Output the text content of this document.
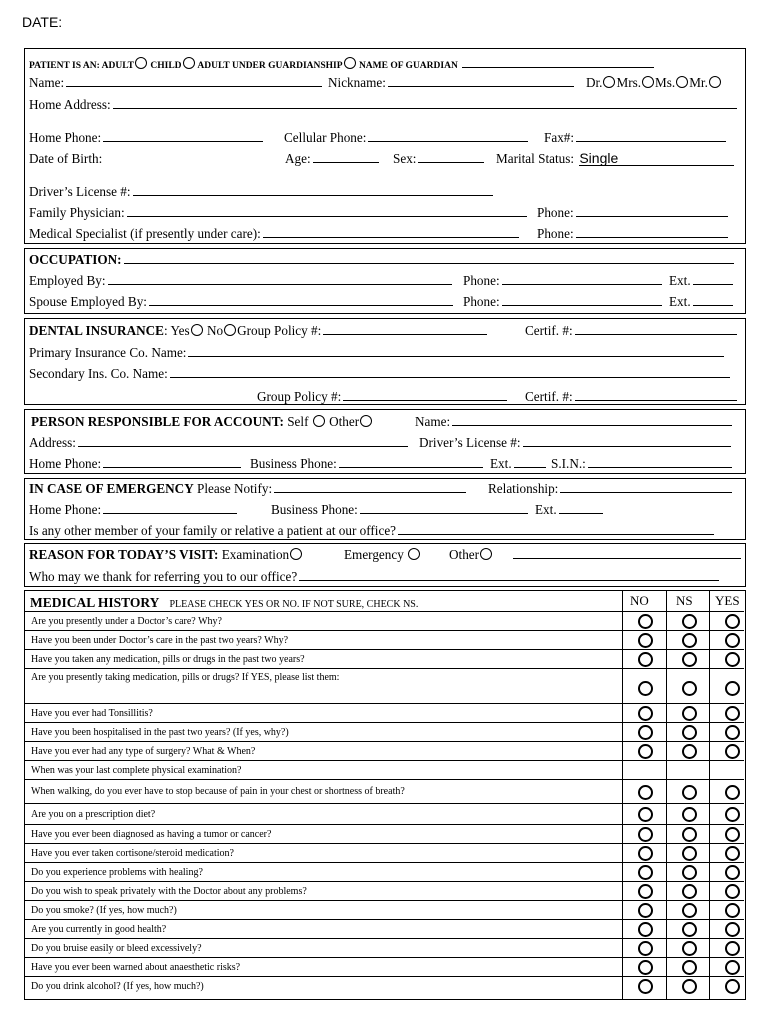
DATE:
PATIENT IS AN: ADULT CHILD ADULT UNDER GUARDIANSHIP NAME OF GUARDIAN
Name:	Nickname:	Dr. Mrs. Ms. Mr.
Home Address:
Home Phone:	Cellular Phone:	Fax#:
Date of Birth:	Age:	Sex:	Marital Status: Single
Driver’s License #:
Family Physician:	Phone:
Medical Specialist (if presently under care):	Phone:
OCCUPATION:
Employed By:	Phone:	Ext.
Spouse Employed By:	Phone:	Ext.
DENTAL INSURANCE: Yes No Group Policy #:	Certif. #:
Primary Insurance Co. Name:
Secondary Ins. Co. Name:
Group Policy #:	Certif. #:
PERSON RESPONSIBLE FOR ACCOUNT: Self Other	Name:
Address:	Driver’s License #:
Home Phone:	Business Phone:	Ext.	S.I.N.:
IN CASE OF EMERGENCY Please Notify:	Relationship:
Home Phone:	Business Phone:	Ext.
Is any other member of your family or relative a patient at our office?
REASON FOR TODAY’S VISIT: Examination	Emergency	Other
Who may we thank for referring you to our office?
MEDICAL HISTORY PLEASE CHECK YES OR NO. IF NOT SURE, CHECK NS.	NO NS YES
Are you presently under a Doctor’s care? Why?
Have you been under Doctor’s care in the past two years? Why?
Have you taken any medication, pills or drugs in the past two years?
Are you presently taking medication, pills or drugs? If YES, please list them:
Have you ever had Tonsillitis?
Have you been hospitalised in the past two years? (If yes, why?)
Have you ever had any type of surgery? What & When?
When was your last complete physical examination?
When walking, do you ever have to stop because of pain in your chest or shortness of breath?
Are you on a prescription diet?
Have you ever been diagnosed as having a tumor or cancer?
Have you ever taken cortisone/steroid medication?
Do you experience problems with healing?
Do you wish to speak privately with the Doctor about any problems?
Do you smoke? (If yes, how much?)
Are you currently in good health?
Do you bruise easily or bleed excessively?
Have you ever been warned about anaesthetic risks?
Do you drink alcohol? (If yes, how much?)
